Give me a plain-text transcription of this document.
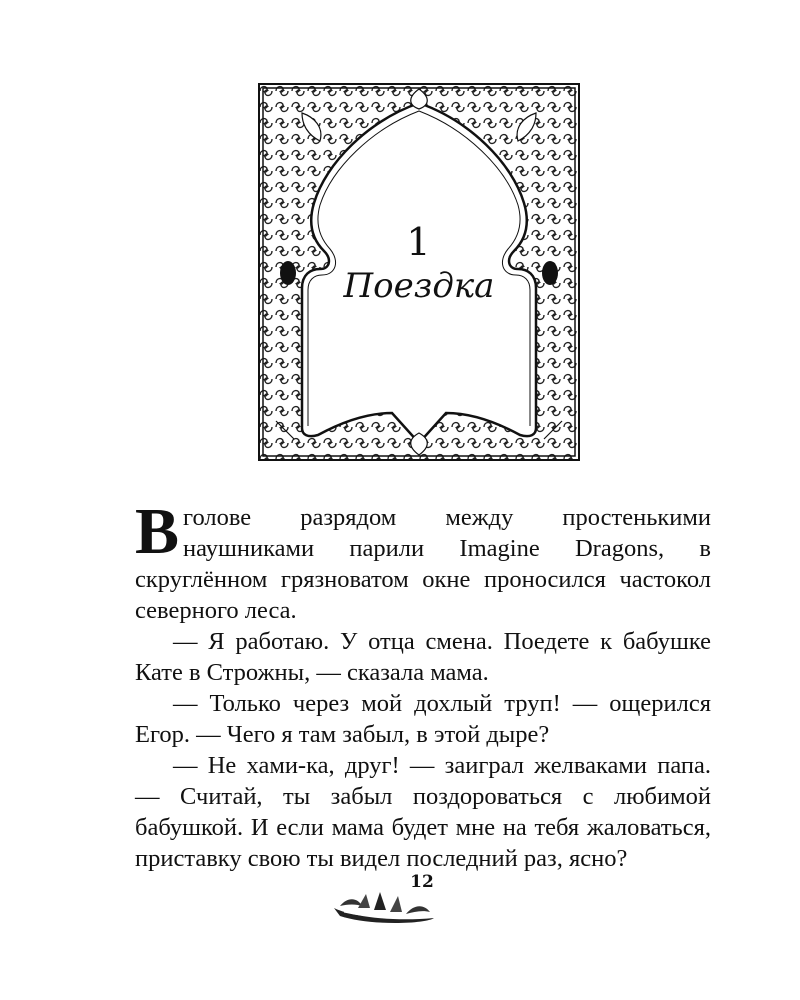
1
Поездка

В голове разрядом между простенькими наушниками парили Imagine Dragons, в скруглённом грязноватом окне проносился частокол северного леса.

— Я работаю. У отца смена. Поедете к бабушке Кате в Строжны, — сказала мама.

— Только через мой дохлый труп! — ощерился Егор. — Чего я там забыл, в этой дыре?

— Не хами-ка, друг! — заиграл желваками папа. — Считай, ты забыл поздороваться с любимой бабушкой. И если мама будет мне на тебя жаловаться, приставку свою ты видел последний раз, ясно?

12
